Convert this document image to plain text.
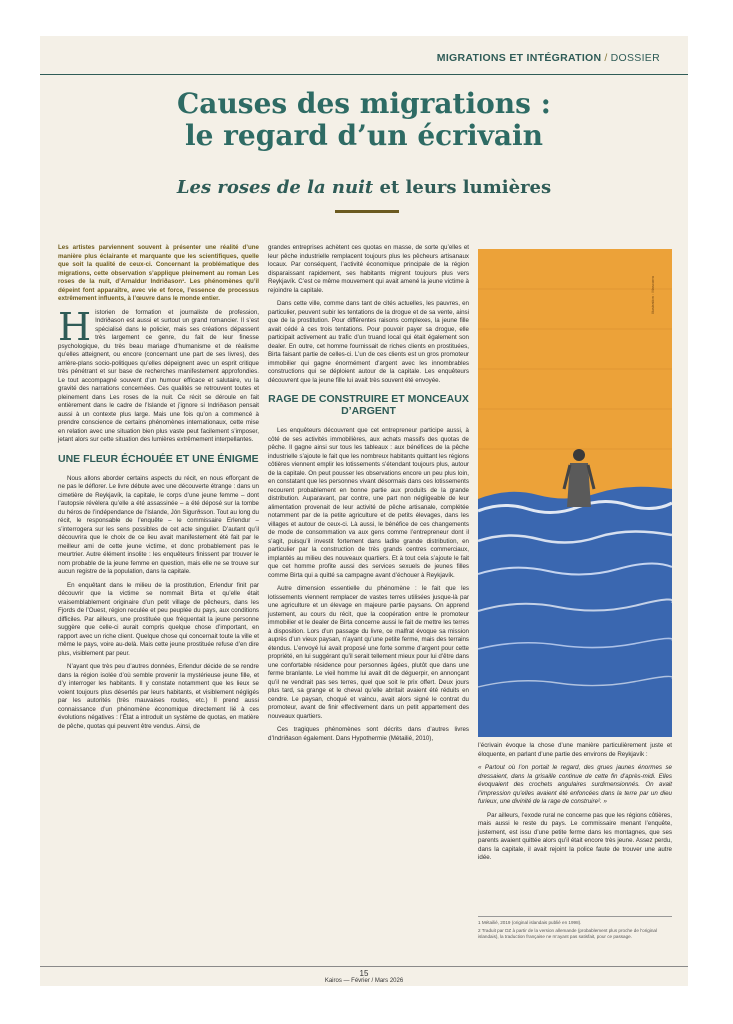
MIGRATIONS ET INTÉGRATION / DOSSIER
Causes des migrations :
le regard d’un écrivain
Les roses de la nuit et leurs lumières

Les artistes parviennent souvent à présenter une réalité d’une manière plus éclairante et marquante que les scientifiques, quelle que soit la qualité de ceux-ci. Concernant la problématique des migrations, cette observation s’applique pleinement au roman Les roses de la nuit, d’Arnaldur Indriðason¹. Les phénomènes qu’il dépeint font apparaître, avec vie et force, l’essence de processus extrêmement influents, à l’œuvre dans le monde entier.

Historien de formation et journaliste de profession, Indriðason est aussi et surtout un grand romancier. Il s’est spécialisé dans le policier, mais ses créations dépassent très largement ce genre, du fait de leur finesse psychologique, du très beau mariage d’humanisme et de réalisme qu’elles atteignent, ou encore (concernant une part de ses livres), des arrière-plans socio-politiques qu’elles dépeignent avec un esprit critique très pénétrant et sur base de recherches manifestement approfondies. Le tout accompagné souvent d’un humour efficace et salutaire, vu la gravité des narrations concernées. Ces qualités se retrouvent toutes et pleinement dans Les roses de la nuit. Ce récit se déroule en fait entièrement dans le cadre de l’Islande et j’ignore si Indriðason pensait aussi à un contexte plus large. Mais une fois qu’on a commencé à prendre conscience de certains phénomènes internationaux, cette mise en relation avec une situation bien plus vaste peut facilement s’imposer, jetant alors sur cette situation des lumières extrêmement interpellantes.

UNE FLEUR ÉCHOUÉE ET UNE ÉNIGME

Nous allons aborder certains aspects du récit, en nous efforçant de ne pas le déflorer. Le livre débute avec une découverte étrange : dans un cimetière de Reykjavík, la capitale, le corps d’une jeune femme – dont l’autopsie révèlera qu’elle a été assassinée – a été déposé sur la tombe du héros de l’indépendance de l’Islande, Jón Sigurðsson. Tout au long du récit, le responsable de l’enquête – le commissaire Erlendur – s’interrogera sur les sens possibles de cet acte singulier. D’autant qu’il découvrira que le choix de ce lieu avait manifestement été fait par le meilleur ami de cette jeune victime, et donc probablement pas le meurtrier. Autre élément insolite : les enquêteurs finissent par trouver le nom probable de la jeune femme en question, mais elle ne se trouve sur aucun registre de la population, dans la capitale.

En enquêtant dans le milieu de la prostitution, Erlendur finit par découvrir que la victime se nommait Birta et qu’elle était vraisemblablement originaire d’un petit village de pêcheurs, dans les Fjords de l’Ouest, région reculée et peu peuplée du pays, aux conditions difficiles. Par ailleurs, une prostituée que fréquentait la jeune personne suggère que celle-ci aurait compris quelque chose d’important, en rapport avec un riche client. Quelque chose qui concernait toute la ville et même le pays, voire au-delà. Mais cette jeune prostituée refuse d’en dire plus, visiblement par peur.

N’ayant que très peu d’autres données, Erlendur décide de se rendre dans la région isolée d’où semble provenir la mystérieuse jeune fille, et d’y interroger les habitants. Il y constate notamment que les lieux se voient toujours plus désertés par leurs habitants, et visiblement négligés par les autorités (très mauvaises routes, etc.) Il prend aussi connaissance d’un phénomène économique directement lié à ces évolutions négatives : l’État a introduit un système de quotas, en matière de pêche, quotas qui peuvent être vendus. Ainsi, de

grandes entreprises achètent ces quotas en masse, de sorte qu’elles et leur pêche industrielle remplacent toujours plus les pêcheurs artisanaux locaux. Par conséquent, l’activité économique principale de la région disparaissant rapidement, ses habitants migrent toujours plus vers Reykjavík. C’est ce même mouvement qui avait amené la jeune victime à rejoindre la capitale.

Dans cette ville, comme dans tant de cités actuelles, les pauvres, en particulier, peuvent subir les tentations de la drogue et de sa vente, ainsi que de la prostitution. Pour différentes raisons complexes, la jeune fille avait cédé à ces trois tentations. Pour pouvoir payer sa drogue, elle participait activement au trafic d’un truand local qui était également son dealer. En outre, cet homme fournissait de riches clients en prostituées, Birta faisant partie de celles-ci. L’un de ces clients est un gros promoteur immobilier qui gagne énormément d’argent avec les innombrables constructions qui se déploient autour de la capitale. Les enquêteurs découvrent que la jeune fille lui avait très souvent été envoyée.

RAGE DE CONSTRUIRE ET MONCEAUX D’ARGENT

Les enquêteurs découvrent que cet entrepreneur participe aussi, à côté de ses activités immobilières, aux achats massifs des quotas de pêche. Il gagne ainsi sur tous les tableaux : aux bénéfices de la pêche industrielle s’ajoute le fait que les nombreux habitants quittant les régions côtières viennent emplir les lotissements s’étendant toujours plus, autour de la capitale. On peut pousser les observations encore un peu plus loin, en constatant que les personnes vivant désormais dans ces lotissements recourent probablement en bonne partie aux produits de la grande distribution. Auparavant, par contre, une part non négligeable de leur alimentation provenait de leur activité de pêche artisanale, complétée notamment par de la petite agriculture et de petits élevages, dans les villages et autour de ceux-ci. Là aussi, le bénéfice de ces changements de mode de consommation va aux gens comme l’entrepreneur dont il s’agit, puisqu’il investit fortement dans ladite grande distribution, en particulier par la construction de très grands centres commerciaux, implantés au milieu des nouveaux quartiers. Et à tout cela s’ajoute le fait que cet homme profite aussi des services sexuels de jeunes filles comme Birta qui a quitté sa campagne avant d’échouer à Reykjavík.

Autre dimension essentielle du phénomène : le fait que les lotissements viennent remplacer de vastes terres utilisées jusque-là par une agriculture et un élevage en majeure partie paysans. On apprend justement, au cours du récit, que la coopération entre le promoteur immobilier et le dealer de Birta concerne aussi le fait de mettre les terres à disposition. Lors d’un passage du livre, ce malfrat évoque sa mission auprès d’un vieux paysan, n’ayant qu’une petite ferme, mais des terrains étendus. L’envoyé lui avait proposé une forte somme d’argent pour cette propriété, en lui suggérant qu’il serait tellement mieux pour lui d’être dans une confortable résidence pour personnes âgées, plutôt que dans une ferme branlante. Le vieil homme lui avait dit de déguerpir, en annonçant qu’il ne vendrait pas ses terres, quel que soit le prix offert. Deux jours plus tard, sa grange et le cheval qu’elle abritait avaient été réduits en cendre. Le paysan, choqué et vaincu, avait alors signé le contrat du promoteur, avant de finir effectivement dans un petit appartement des nouveaux quartiers.

Ces tragiques phénomènes sont décrits dans d’autres livres d’Indriðason également. Dans Hypothermie (Métailié, 2010),

Illustration : Mascarra

l’écrivain évoque la chose d’une manière particulièrement juste et éloquente, en parlant d’une partie des environs de Reykjavík :

« Partout où l’on portait le regard, des grues jaunes énormes se dressaient, dans la grisaille continue de cette fin d’après-midi. Elles évoquaient des crochets angulaires surdimensionnés. On avait l’impression qu’elles avaient été enfoncées dans la terre par un dieu furieux, une divinité de la rage de construire². »

Par ailleurs, l’exode rural ne concerne pas que les régions côtières, mais aussi le reste du pays. Le commissaire menant l’enquête, justement, est issu d’une petite ferme dans les montagnes, que ses parents avaient quittée alors qu’il était encore très jeune. Assez perdu, dans la capitale, il avait rejoint la police faute de trouver une autre idée.

1 Métailié, 2019 (original islandais publié en 1998).

2 Traduit par DZ à partir de la version allemande (probablement plus proche de l’original islandais), la traduction française ne m’ayant pas satisfait, pour ce passage.

15
Kairos — Février / Mars 2026
